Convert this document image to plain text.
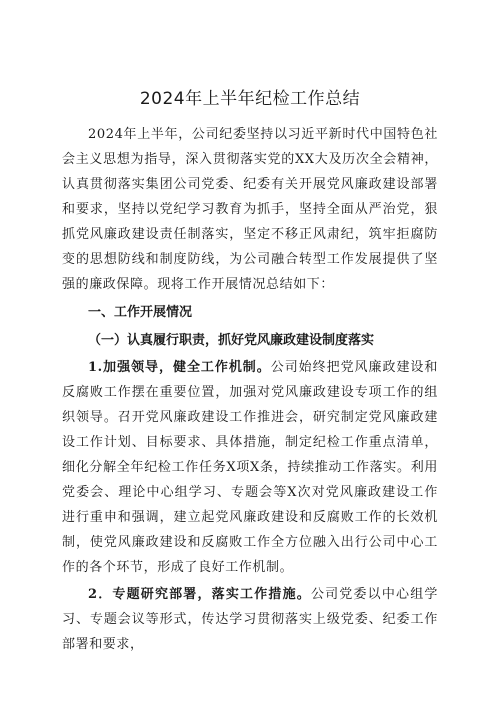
2024年上半年纪检工作总结

2024年上半年，公司纪委坚持以习近平新时代中国特色社会主义思想为指导，深入贯彻落实党的XX大及历次全会精神，认真贯彻落实集团公司党委、纪委有关开展党风廉政建设部署和要求，坚持以党纪学习教育为抓手，坚持全面从严治党，狠抓党风廉政建设责任制落实，坚定不移正风肃纪，筑牢拒腐防变的思想防线和制度防线，为公司融合转型工作发展提供了坚强的廉政保障。现将工作开展情况总结如下：

一、工作开展情况

（一）认真履行职责，抓好党风廉政建设制度落实

1.加强领导，健全工作机制。公司始终把党风廉政建设和反腐败工作摆在重要位置，加强对党风廉政建设专项工作的组织领导。召开党风廉政建设工作推进会，研究制定党风廉政建设工作计划、目标要求、具体措施，制定纪检工作重点清单，细化分解全年纪检工作任务X项X条，持续推动工作落实。利用党委会、理论中心组学习、专题会等X次对党风廉政建设工作进行重申和强调，建立起党风廉政建设和反腐败工作的长效机制，使党风廉政建设和反腐败工作全方位融入出行公司中心工作的各个环节，形成了良好工作机制。

2．专题研究部署，落实工作措施。公司党委以中心组学习、专题会议等形式，传达学习贯彻落实上级党委、纪委工作部署和要求，
